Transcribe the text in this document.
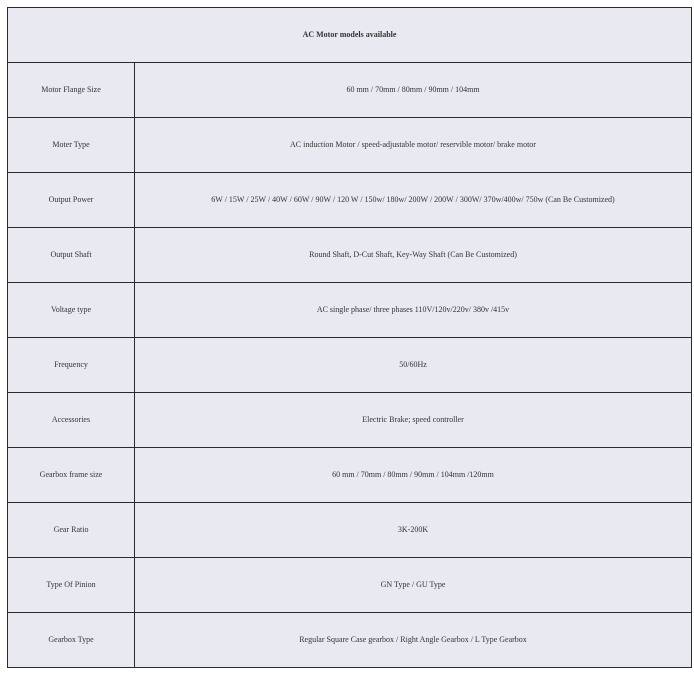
AC Motor models available	
Motor Flange Size	60 mm / 70mm / 80mm / 90mm / 104mm
Moter Type	AC induction Motor / speed-adjustable motor/ reservible motor/ brake motor
Output Power	6W / 15W / 25W / 40W / 60W / 90W / 120 W / 150w/ 180w/ 200W / 200W / 300W/ 370w/400w/ 750w (Can Be Customized)
Output Shaft	Round Shaft, D-Cut Shaft, Key-Way Shaft (Can Be Customized)
Voltage type	AC single phase/ three phases 110V/120v/220v/ 380v /415v
Frequency	50/60Hz
Accessories	Electric Brake; speed controller
Gearbox frame size	60 mm / 70mm / 80mm / 90mm / 104mm /120mm
Gear Ratio	3K-200K
Type Of Pinion	GN Type / GU Type
Gearbox Type	Regular Square Case gearbox / Right Angle Gearbox / L Type Gearbox
